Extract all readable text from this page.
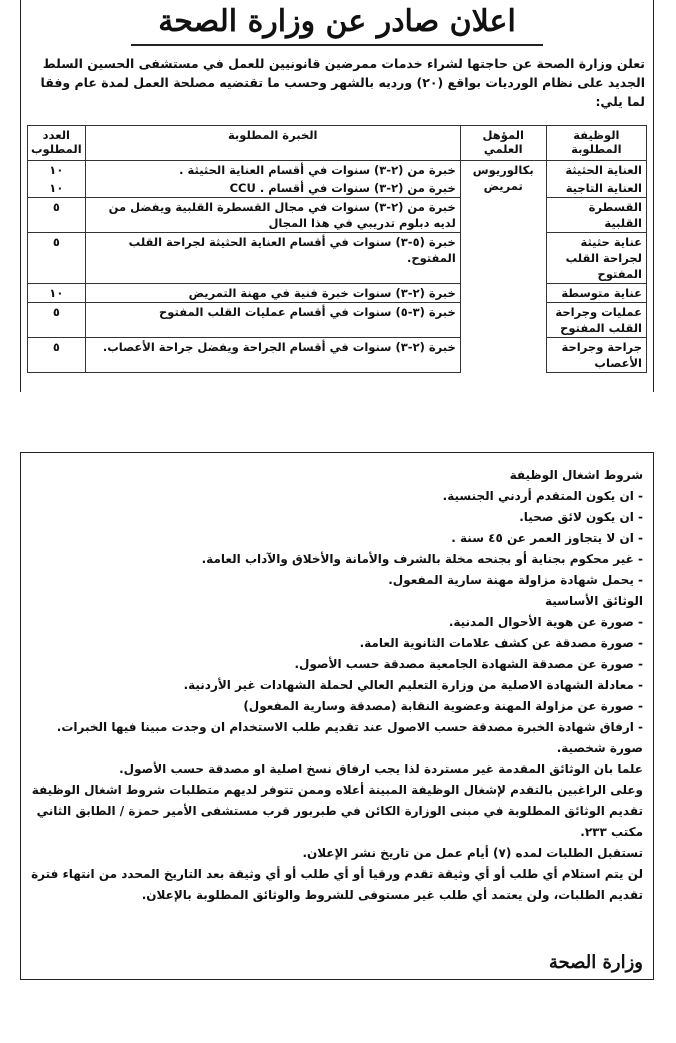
اعلان صادر عن وزارة الصحة

تعلن وزارة الصحة عن حاجتها لشراء خدمات ممرضين قانونيين للعمل في مستشفى الحسين السلط الجديد على نظام الورديات بواقع (٢٠) ورديه بالشهر وحسب ما تقتضيه مصلحة العمل لمدة عام وفقا لما يلي:

الوظيفة المطلوبة	المؤهل العلمي	الخبرة المطلوبة	العدد المطلوب
العناية الحثيثة	بكالوريوس تمريض	خبرة من (٢-٣) سنوات في أقسام العناية الحثيثة .	١٠
العناية التاجية		خبرة من (٢-٣) سنوات في أقسام . CCU	١٠
القسطرة القلبية		خبرة من (٢-٣) سنوات في مجال القسطرة القلبية ويفضل من لديه دبلوم تدريبي في هذا المجال	٥
عناية حثيثة لجراحة القلب المفتوح		خبرة (٥-٣) سنوات في أقسام العناية الحثيثة لجراحة القلب المفتوح.	٥
عناية متوسطة		خبرة (٢-٣) سنوات خبرة فنية في مهنة التمريض	١٠
عمليات وجراحة القلب المفتوح		خبرة (٣-٥) سنوات في أقسام عمليات القلب المفتوح	٥
جراحة وجراحة الأعصاب		خبرة (٢-٣) سنوات في أقسام الجراحة ويفضل جراحة الأعصاب.	٥

شروط اشغال الوظيفة

- ان يكون المتقدم أردني الجنسية.

- ان يكون لائق صحيا.

- ان لا يتجاوز العمر عن ٤٥ سنة .

- غير محكوم بجناية أو بجنحه مخلة بالشرف والأمانة والأخلاق والآداب العامة.

- يحمل شهادة مزاولة مهنة سارية المفعول.

الوثائق الأساسية

- صورة عن هوية الأحوال المدنية.

- صورة مصدقة عن كشف علامات الثانوية العامة.

- صورة عن مصدقة الشهادة الجامعية مصدقة حسب الأصول.

- معادلة الشهادة الاصلية من وزارة التعليم العالي لحملة الشهادات غير الأردنية.

- صورة عن مزاولة المهنة وعضوية النقابة (مصدقة وسارية المفعول)

- ارفاق شهادة الخبرة مصدقة حسب الاصول عند تقديم طلب الاستخدام ان وجدت مبينا فيها الخبرات.

صورة شخصية.

علما بان الوثائق المقدمة غير مستردة لذا يجب ارفاق نسخ اصلية او مصدقة حسب الأصول.

وعلى الراغبين بالتقدم لإشغال الوظيفة المبينة أعلاه وممن تتوفر لديهم متطلبات شروط اشغال الوظيفة تقديم الوثائق المطلوبة في مبنى الوزارة الكائن في طبربور قرب مستشفى الأمير حمزة / الطابق الثاني مكتب ٢٣٣.

تستقبل الطلبات لمده (٧) أيام عمل من تاريخ نشر الإعلان.

لن يتم استلام أي طلب أو أي وثيقة تقدم ورقيا أو أي طلب أو أي وثيقة بعد التاريخ المحدد من انتهاء فترة تقديم الطلبات، ولن يعتمد أي طلب غير مستوفى للشروط والوثائق المطلوبة بالإعلان.

وزارة الصحة
